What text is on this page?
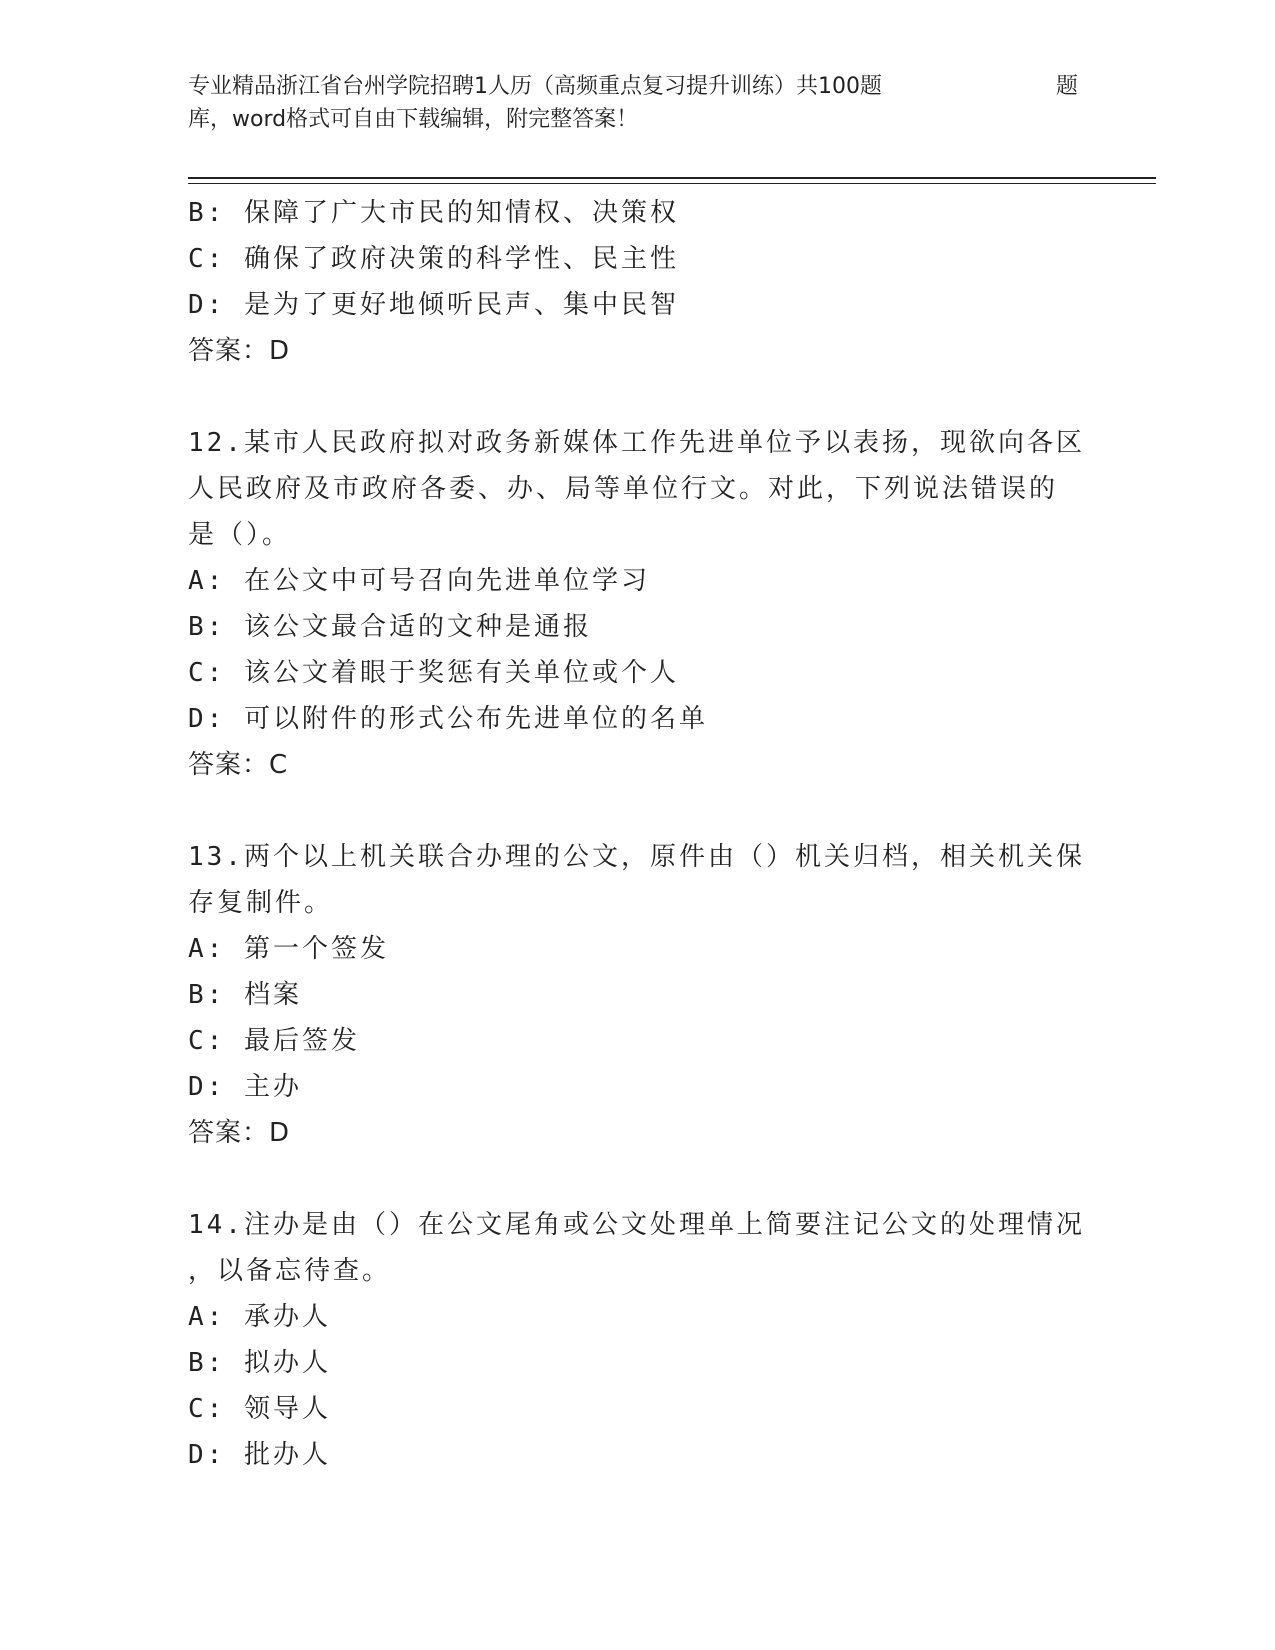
专业精品浙江省台州学院招聘1人历（高频重点复习提升训练）共100题	题
库，word格式可自由下载编辑，附完整答案！
B: 保障了广大市民的知情权、决策权
C: 确保了政府决策的科学性、民主性
D: 是为了更好地倾听民声、集中民智
答案：D
12.某市人民政府拟对政务新媒体工作先进单位予以表扬，现欲向各区
人民政府及市政府各委、办、局等单位行文。对此，下列说法错误的
是（）。
A: 在公文中可号召向先进单位学习
B: 该公文最合适的文种是通报
C: 该公文着眼于奖惩有关单位或个人
D: 可以附件的形式公布先进单位的名单
答案：C
13.两个以上机关联合办理的公文，原件由（）机关归档，相关机关保
存复制件。
A: 第一个签发
B: 档案
C: 最后签发
D: 主办
答案：D
14.注办是由（）在公文尾角或公文处理单上简要注记公文的处理情况
，以备忘待查。
A: 承办人
B: 拟办人
C: 领导人
D: 批办人
